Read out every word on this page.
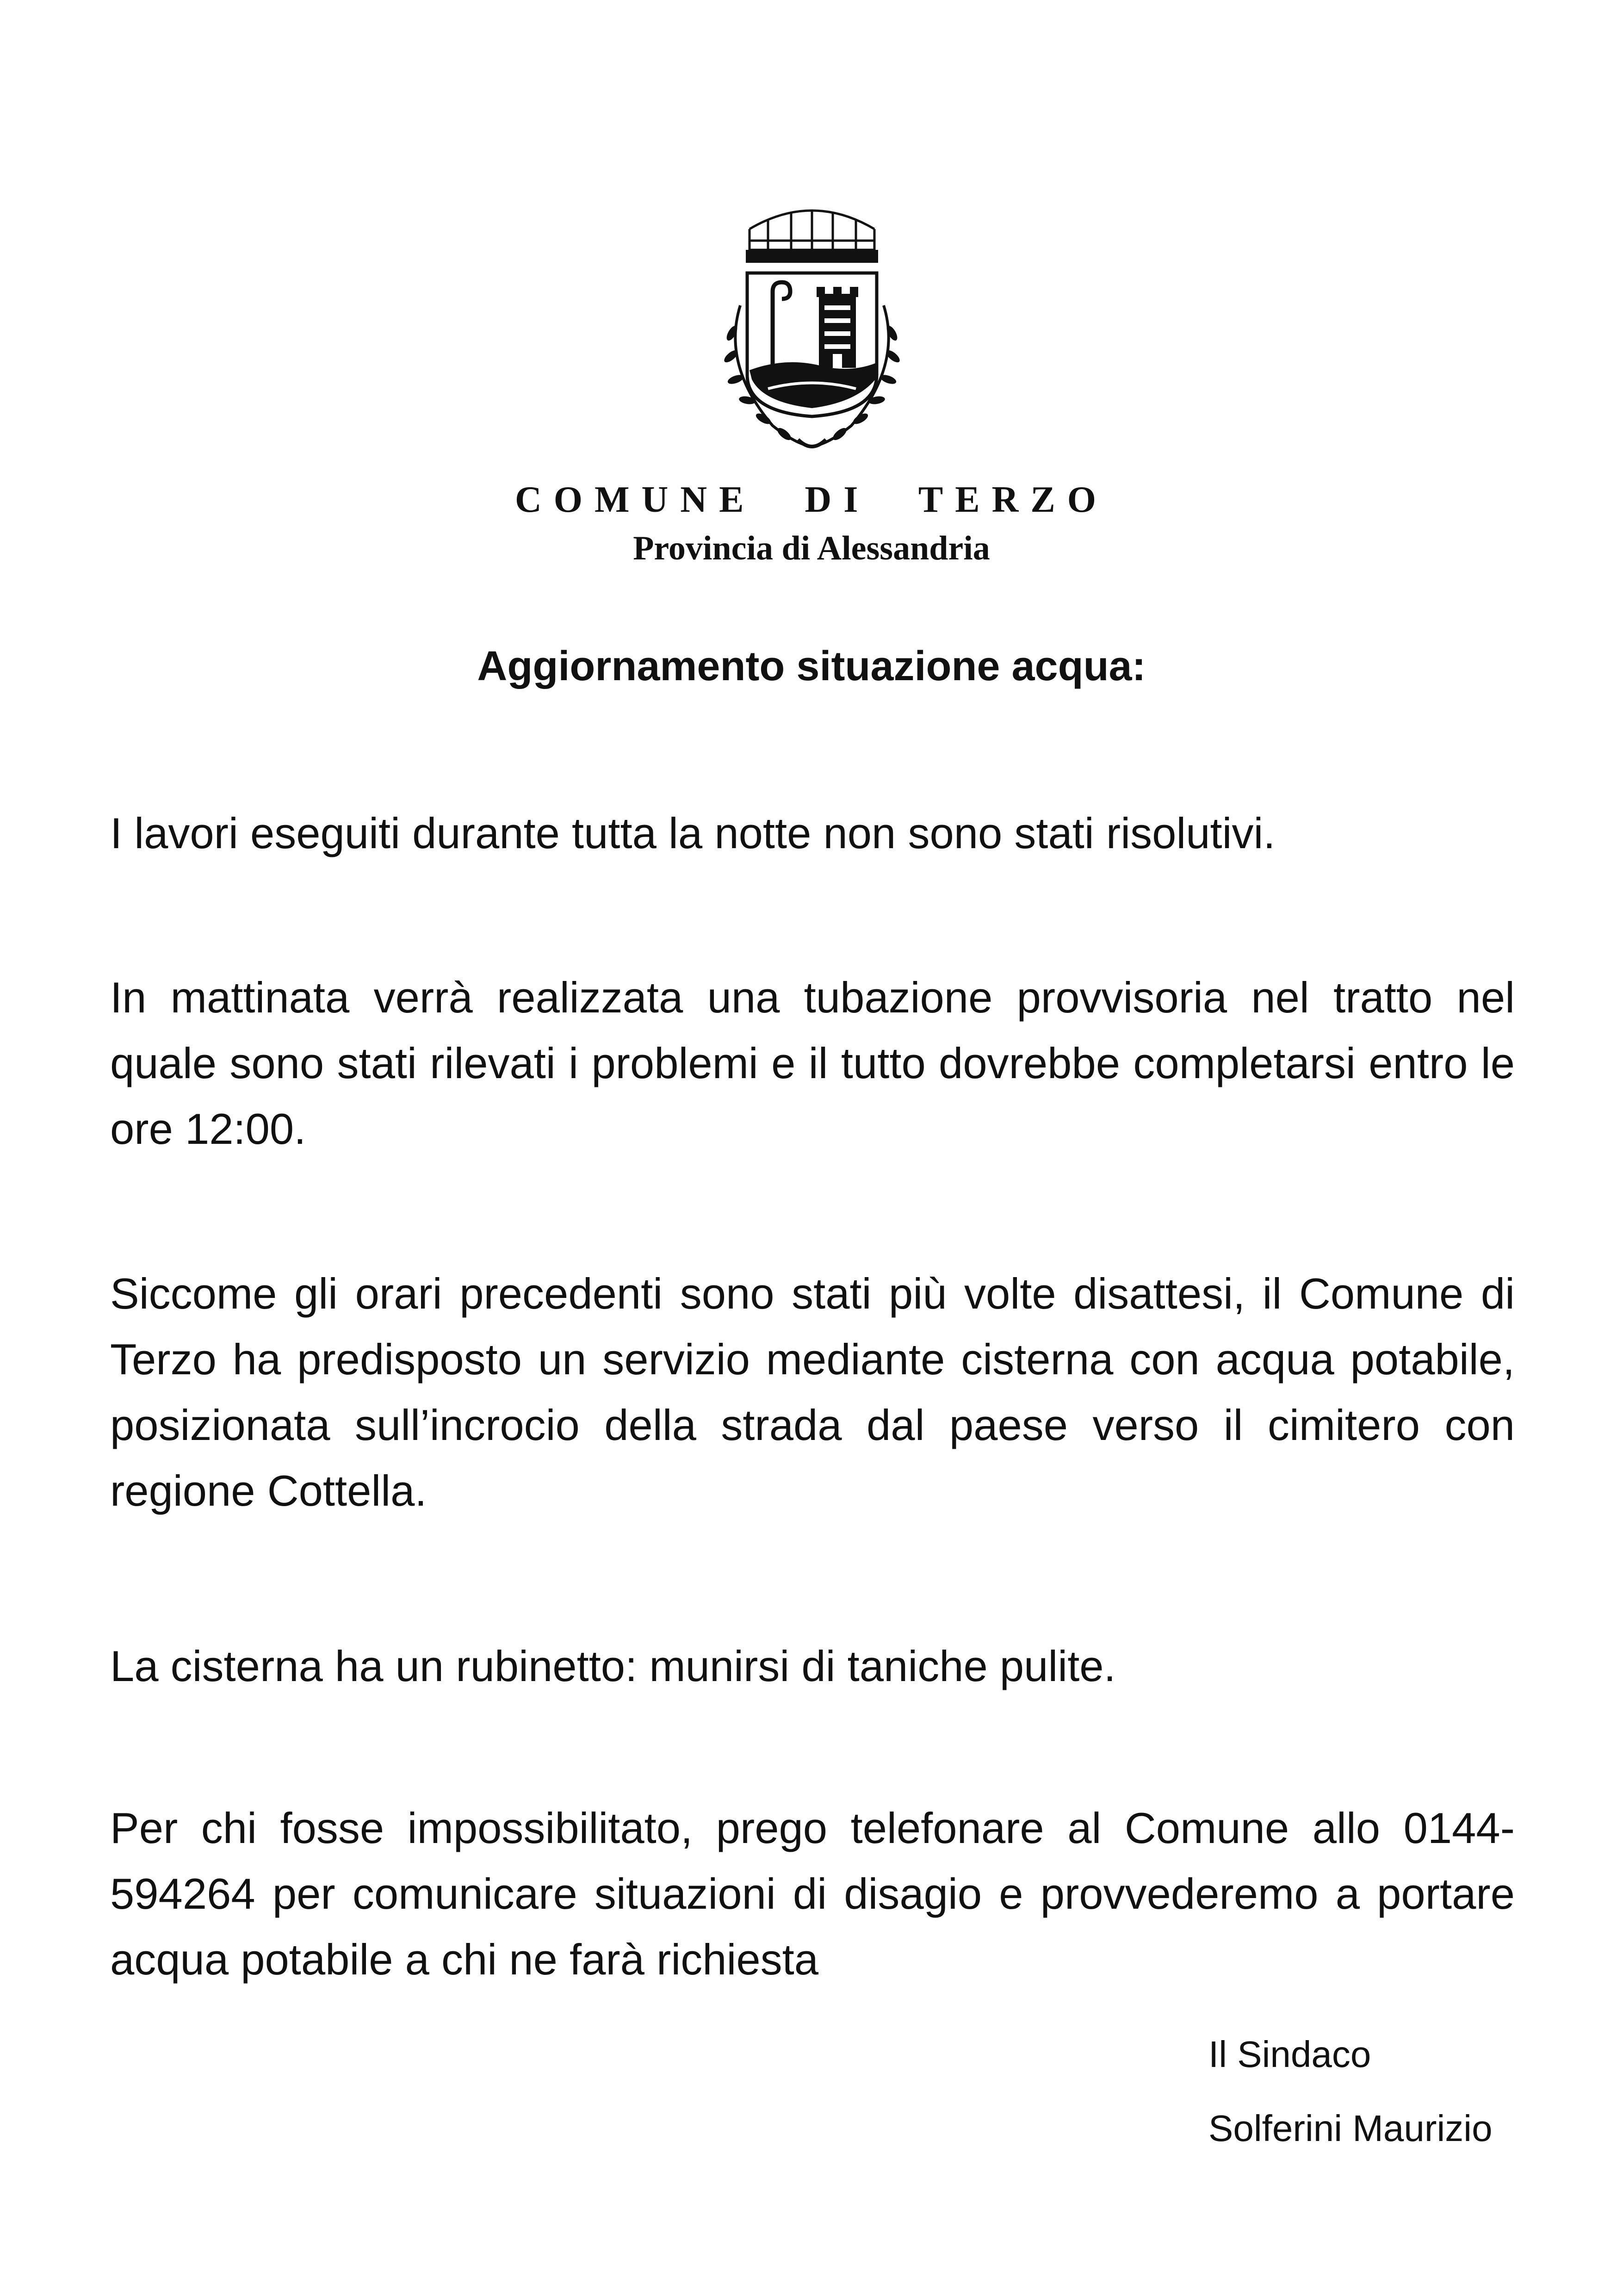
COMUNE DI TERZO
Provincia di Alessandria
Aggiornamento situazione acqua:
I lavori eseguiti durante tutta la notte non sono stati risolutivi.
In mattinata verrà realizzata una tubazione provvisoria nel tratto nel quale sono stati rilevati i problemi e il tutto dovrebbe completarsi entro le ore 12:00.
Siccome gli orari precedenti sono stati più volte disattesi, il Comune di Terzo ha predisposto un servizio mediante cisterna con acqua potabile, posizionata sull’incrocio della strada dal paese verso il cimitero con regione Cottella.
La cisterna ha un rubinetto: munirsi di taniche pulite.
Per chi fosse impossibilitato, prego telefonare al Comune allo 0144-594264 per comunicare situazioni di disagio e provvederemo a portare acqua potabile a chi ne farà richiesta
Il Sindaco
Solferini Maurizio
